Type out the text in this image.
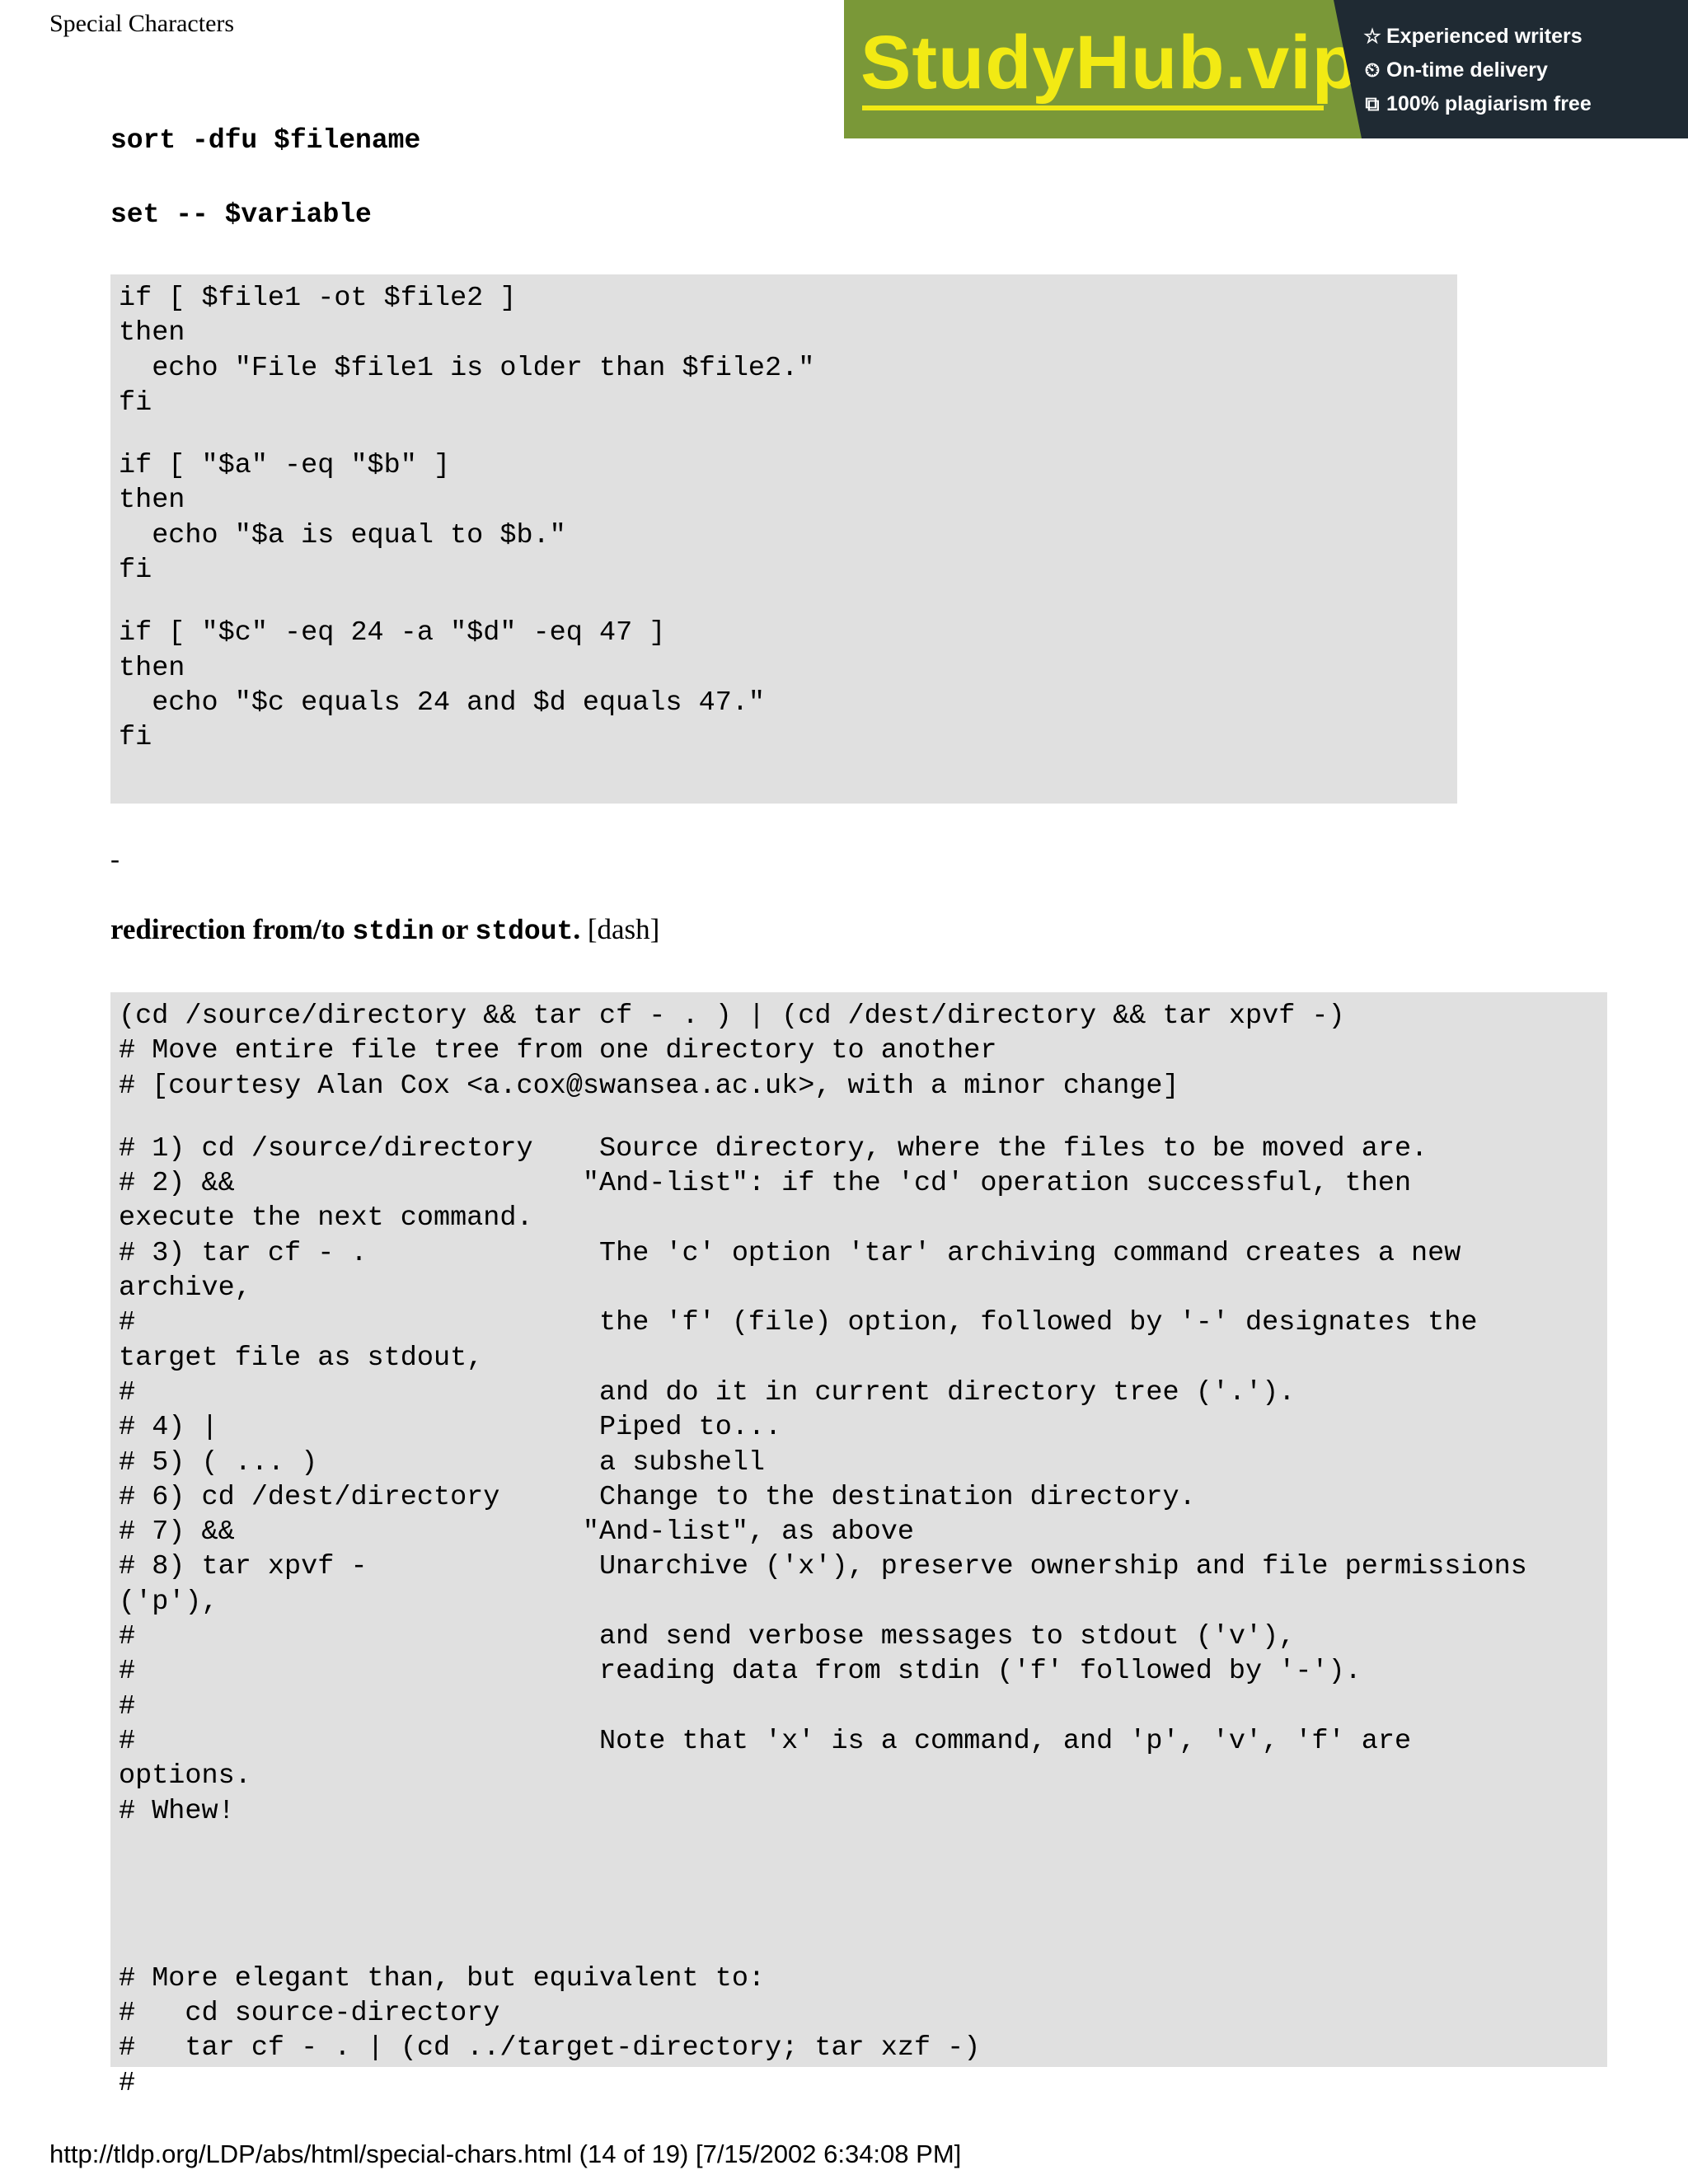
Special Characters	StudyHub.vip ☆ Experienced writers
⏲ On-time delivery
⧉ 100% plagiarism free

sort -dfu $filename

set -- $variable

if [ $file1 -ot $file2 ]
then
echo "File $file1 is older than $file2."
fi
if [ "$a" -eq "$b" ]
then
echo "$a is equal to $b."
fi
if [ "$c" -eq 24 -a "$d" -eq 47 ]
then
echo "$c equals 24 and $d equals 47."
fi
-
redirection from/to stdin or stdout. [dash]
(cd /source/directory && tar cf - . ) | (cd /dest/directory && tar xpvf -)
# Move entire file tree from one directory to another
# [courtesy Alan Cox <a.cox@swansea.ac.uk>, with a minor change]
# 1) cd /source/directory    Source directory, where the files to be moved are.
# 2) &&                     "And-list": if the 'cd' operation successful, then
execute the next command.
# 3) tar cf - .              The 'c' option 'tar' archiving command creates a new
archive,
#                            the 'f' (file) option, followed by '-' designates the
target file as stdout,
#                            and do it in current directory tree ('.').
# 4) |                       Piped to...
# 5) ( ... )                 a subshell
# 6) cd /dest/directory      Change to the destination directory.
# 7) &&                     "And-list", as above
# 8) tar xpvf -              Unarchive ('x'), preserve ownership and file permissions
('p'),
#                            and send verbose messages to stdout ('v'),
#                            reading data from stdin ('f' followed by '-').
#
#                            Note that 'x' is a command, and 'p', 'v', 'f' are
options.
# Whew!
# More elegant than, but equivalent to:
#   cd source-directory
#   tar cf - . | (cd ../target-directory; tar xzf -)
#
http://tldp.org/LDP/abs/html/special-chars.html (14 of 19) [7/15/2002 6:34:08 PM]
